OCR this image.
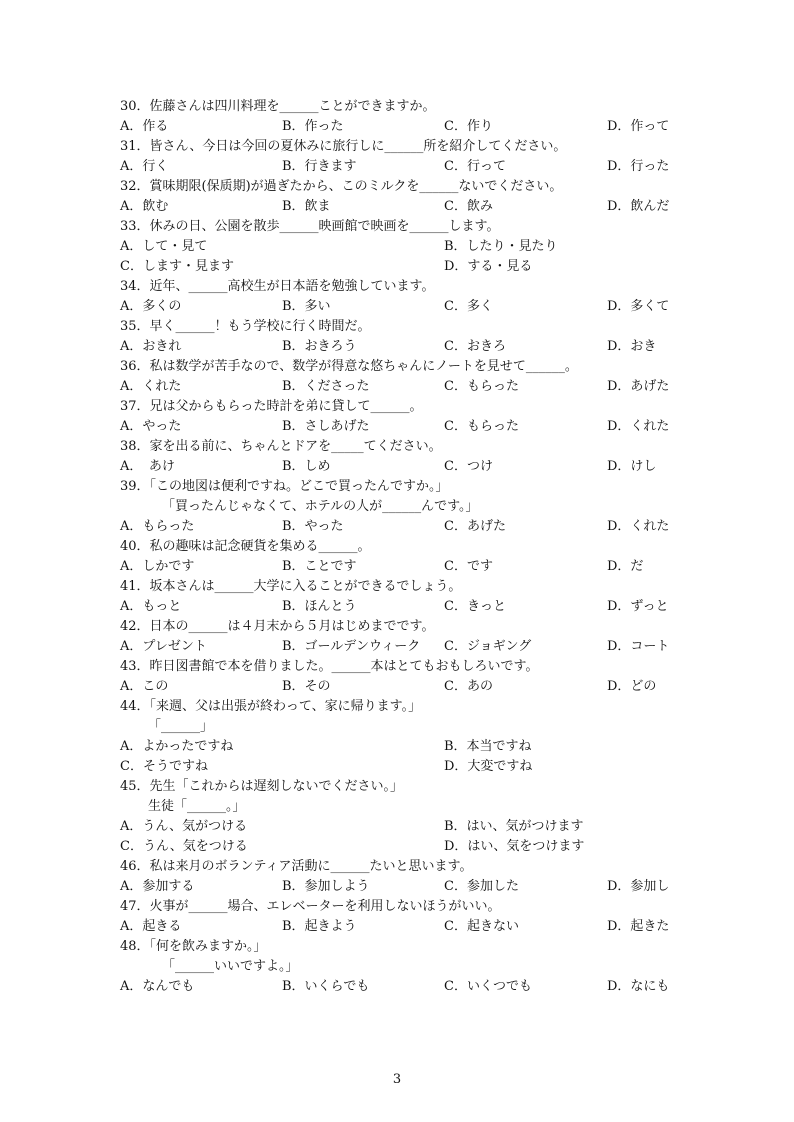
30．佐藤さんは四川料理を______ことができますか。
A．作る	B．作った	C．作り	D．作って
31．皆さん、今日は今回の夏休みに旅行しに______所を紹介してください。
A．行く	B．行きます	C．行って	D．行った
32．賞味期限(保质期)が過ぎたから、このミルクを______ないでください。
A．飲む	B．飲ま	C．飲み	D．飲んだ
33．休みの日、公園を散歩______映画館で映画を______します。
A．して・見て	B．したり・見たり
C．します・見ます	D．する・見る
34．近年、______高校生が日本語を勉強しています。
A．多くの	B．多い	C．多く	D．多くて
35．早く______！もう学校に行く時間だ。
A．おきれ	B．おきろう	C．おきろ	D．おき
36．私は数学が苦手なので、数学が得意な悠ちゃんにノートを見せて______。
A．くれた	B．くださった	C．もらった	D．あげた
37．兄は父からもらった時計を弟に貸して______。
A．やった	B．さしあげた	C．もらった	D．くれた
38．家を出る前に、ちゃんとドアを_____てください。
A．　あけ	B．しめ	C．つけ	D．けし
39．「この地図は便利ですね。どこで買ったんですか。」
「買ったんじゃなくて、ホテルの人が______んです。」
A．もらった	B．やった	C．あげた	D．くれた
40．私の趣味は記念硬貨を集める______。
A．しかです	B．ことです	C．です	D．だ
41．坂本さんは______大学に入ることができるでしょう。
A．もっと	B．ほんとう	C．きっと	D．ずっと
42．日本の______は４月末から５月はじめまでです。
A．プレゼント	B．ゴールデンウィーク C．ジョギング	D．コート
43．昨日図書館で本を借りました。______本はとてもおもしろいです。
A．この	B．その	C．あの	D．どの
44．「来週、父は出張が終わって、家に帰ります。」
「______」
A．よかったですね	B．本当ですね
C．そうですね	D．大変ですね
45．先生「これからは遅刻しないでください。」
生徒「______。」
A．うん、気がつける	B．はい、気がつけます
C．うん、気をつける	D．はい、気をつけます
46．私は来月のボランティア活動に______たいと思います。
A．参加する	B．参加しよう	C．参加した	D．参加し
47．火事が______場合、エレベーターを利用しないほうがいい。
A．起きる	B．起きよう	C．起きない	D．起きた
48．「何を飲みますか。」
「______いいですよ。」
A．なんでも	B．いくらでも	C．いくつでも	D．なにも
3
